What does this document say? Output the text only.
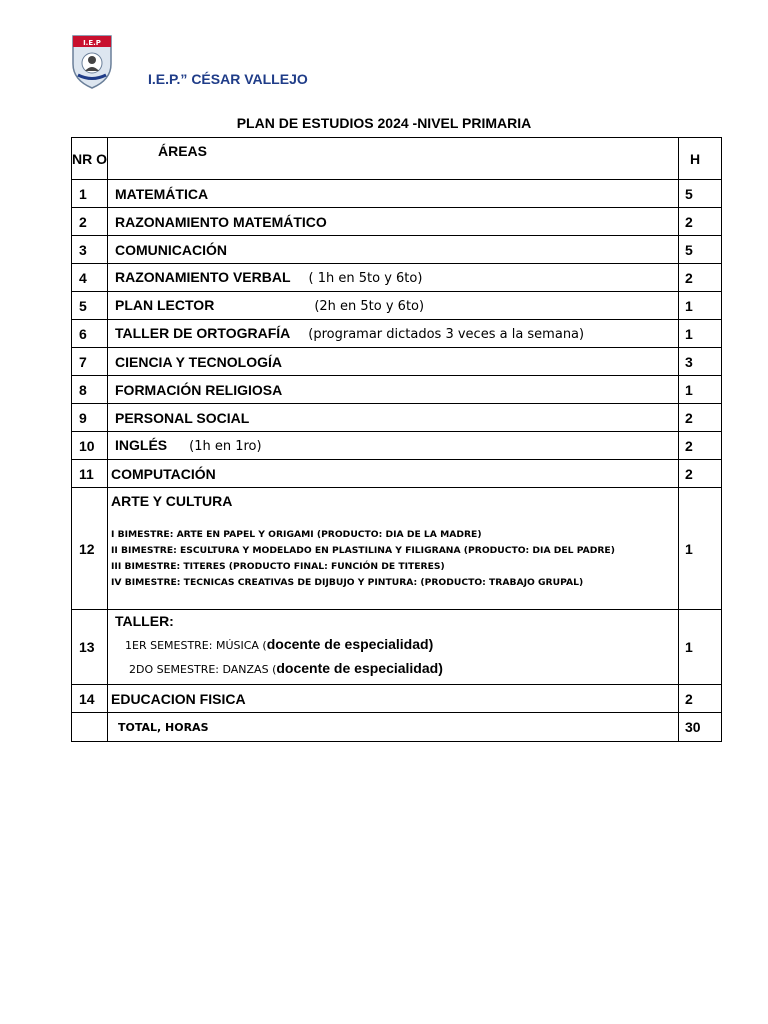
I.E.P
I.E.P.” CÉSAR VALLEJO
PLAN DE ESTUDIOS 2024 -NIVEL PRIMARIA
NR O	ÁREAS	H
1	MATEMÁTICA	5
2	RAZONAMIENTO MATEMÁTICO	2
3	COMUNICACIÓN	5
4	RAZONAMIENTO VERBAL ( 1h en 5to y 6to)	2
5	PLAN LECTOR (2h en 5to y 6to)	1
6	TALLER DE ORTOGRAFÍA (programar dictados 3 veces a la semana)	1
7	CIENCIA Y TECNOLOGÍA	3
8	FORMACIÓN RELIGIOSA	1
9	PERSONAL SOCIAL	2
10	INGLÉS (1h en 1ro)	2
11	COMPUTACIÓN	2
12	ARTE Y CULTURA
I BIMESTRE: ARTE EN PAPEL Y ORIGAMI (PRODUCTO: DIA DE LA MADRE)
II BIMESTRE: ESCULTURA Y MODELADO EN PLASTILINA Y FILIGRANA (PRODUCTO: DIA DEL PADRE)
III BIMESTRE: TITERES (PRODUCTO FINAL: FUNCIÓN DE TITERES)
IV BIMESTRE: TECNICAS CREATIVAS DE DIJBUJO Y PINTURA: (PRODUCTO: TRABAJO GRUPAL)	1
13	TALLER:
1ER SEMESTRE: MÚSICA (docente de especialidad)
2DO SEMESTRE: DANZAS (docente de especialidad)	1
14	EDUCACION FISICA	2
	TOTAL, HORAS	30
